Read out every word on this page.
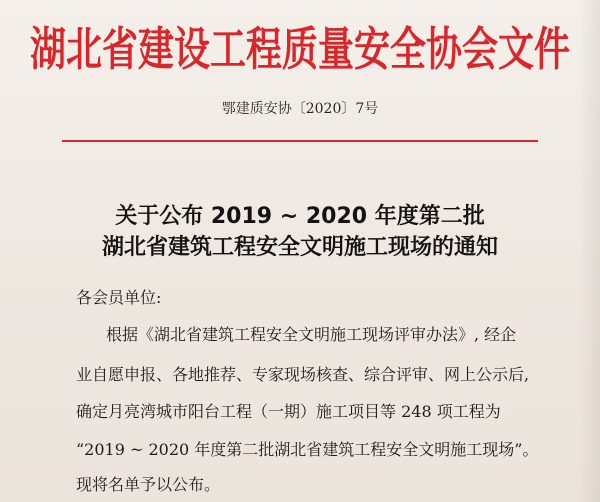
湖北省建设工程质量安全协会文件
鄂建质安协〔2020〕7号
关于公布 2019 ~ 2020 年度第二批
湖北省建筑工程安全文明施工现场的通知
各会员单位:
根据《湖北省建筑工程安全文明施工现场评审办法》, 经企
业自愿申报、各地推荐、专家现场核查、综合评审、网上公示后,
确定月亮湾城市阳台工程（一期）施工项目等 248 项工程为
“2019 ~ 2020 年度第二批湖北省建筑工程安全文明施工现场”。
现将名单予以公布。
